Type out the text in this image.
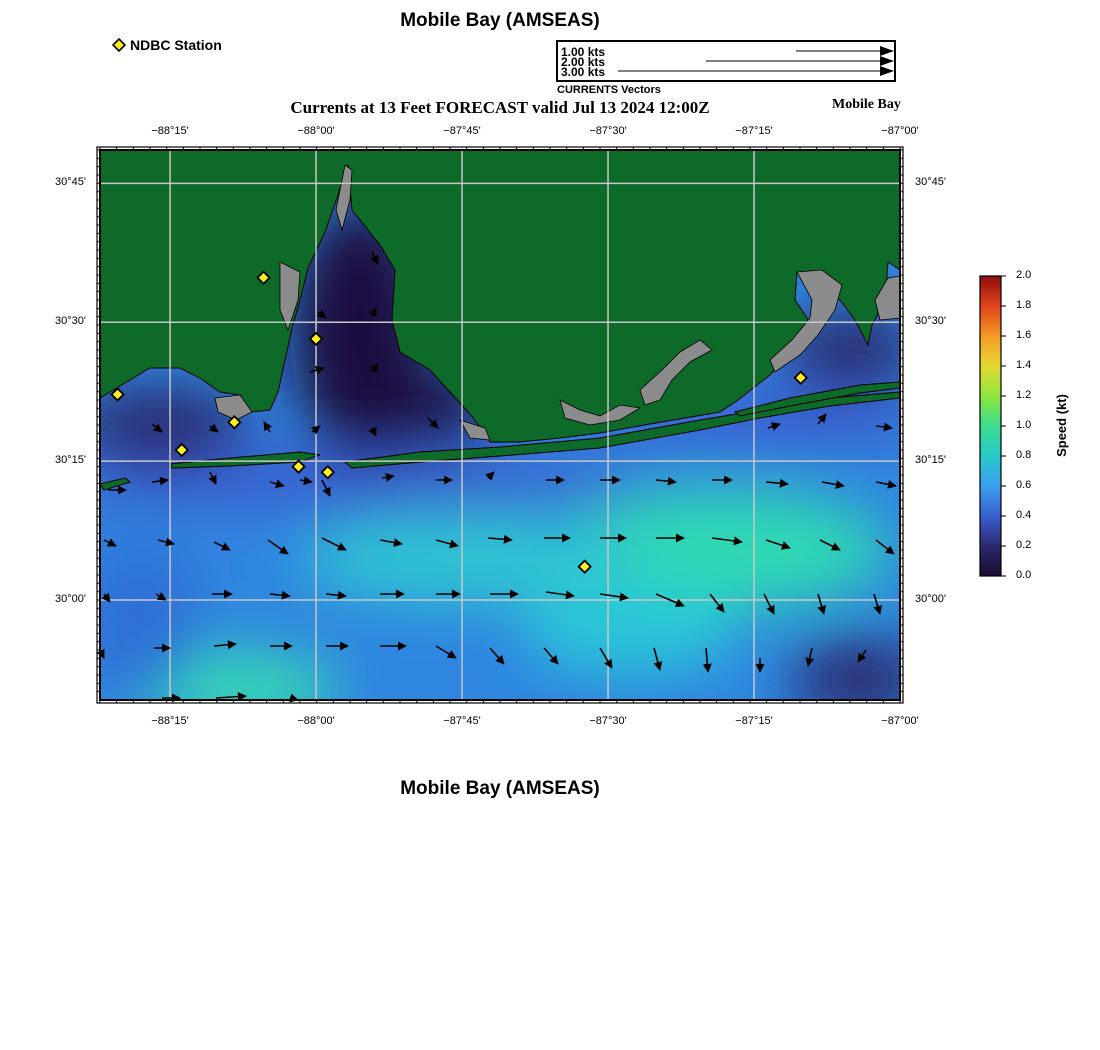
Mobile Bay (AMSEAS)
Currents at 13 Feet FORECAST valid Jul 13 2024 12:00Z	Mobile Bay
NDBC Station	1.00 kts
2.00 kts
3.00 kts
CURRENTS Vectors
−88°15'	−88°00'	−87°45'	−87°30'	−87°15'	−87°00'
−88°15'	−88°00'	−87°45'	−87°30'	−87°15'	−87°00'
30°45'
30°30'
30°15'
30°00'
30°45'
30°30'
30°15'
30°00'
2.0
1.8
1.6
1.4
1.2
1.0
0.8
0.6
0.4
0.2
0.0
Speed (kt)
Mobile Bay (AMSEAS)
